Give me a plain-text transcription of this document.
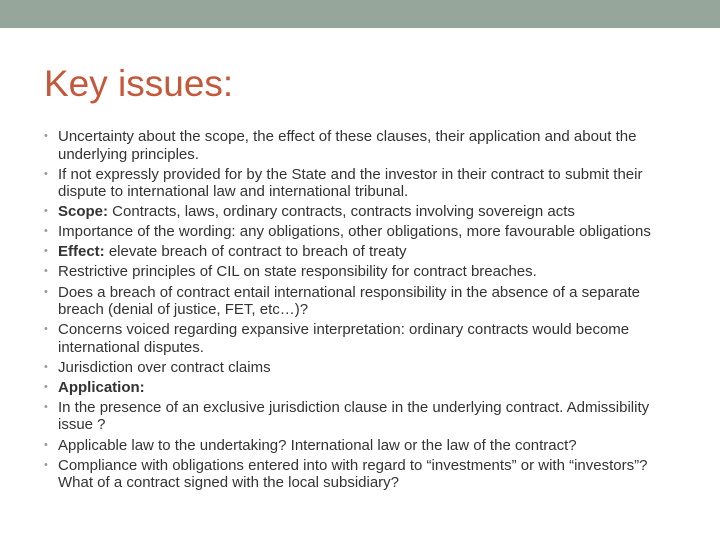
Key issues:
• Uncertainty about the scope, the effect of these clauses, their application and about the underlying principles.
• If not expressly provided for by the State and the investor in their contract to submit their dispute to international law and international tribunal.
• Scope: Contracts, laws, ordinary contracts, contracts involving sovereign acts
• Importance of the wording: any obligations, other obligations, more favourable obligations
• Effect: elevate breach of contract to breach of treaty
• Restrictive principles of CIL on state responsibility for contract breaches.
• Does a breach of contract entail international responsibility in the absence of a separate breach (denial of justice, FET, etc…)?
• Concerns voiced regarding expansive interpretation: ordinary contracts would become international disputes.
• Jurisdiction over contract claims
• Application:
• In the presence of an exclusive jurisdiction clause in the underlying contract. Admissibility issue ?
• Applicable law to the undertaking? International law or the law of the contract?
• Compliance with obligations entered into with regard to “investments” or with “investors”? What of a contract signed with the local subsidiary?
